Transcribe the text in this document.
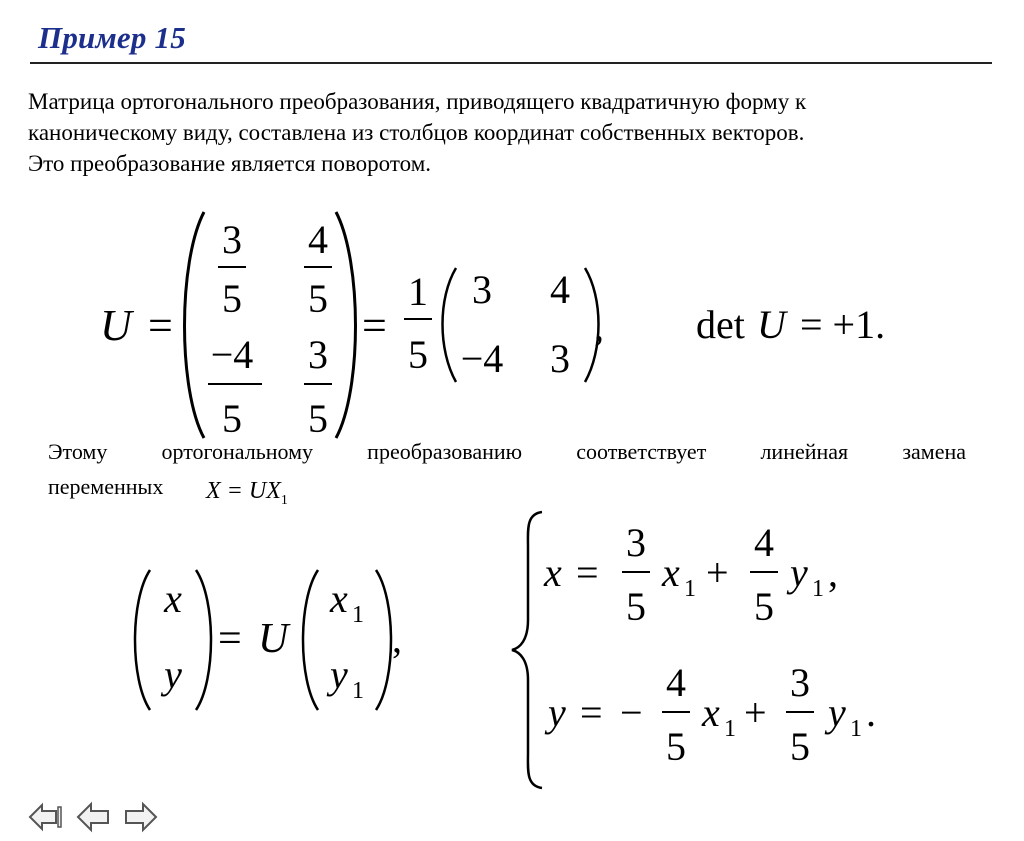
Пример 15
Матрица ортогонального преобразования, приводящего квадратичную форму к
каноническому виду, составлена из столбцов координат собственных векторов.
Это преобразование является поворотом.
U =
3
5
4
5
−4
5
3
5
=
1
5
3 4
−4 3
, det U = +1.
x
y
= U
x 1
y 1
,
x =
3
5
x 1 +
4
5
y 1 ,
y = −
4
5
x 1 +
3
5
y 1 .
Этому ортогональному преобразованию соответствует линейная замена
переменных $X = UX_1$
